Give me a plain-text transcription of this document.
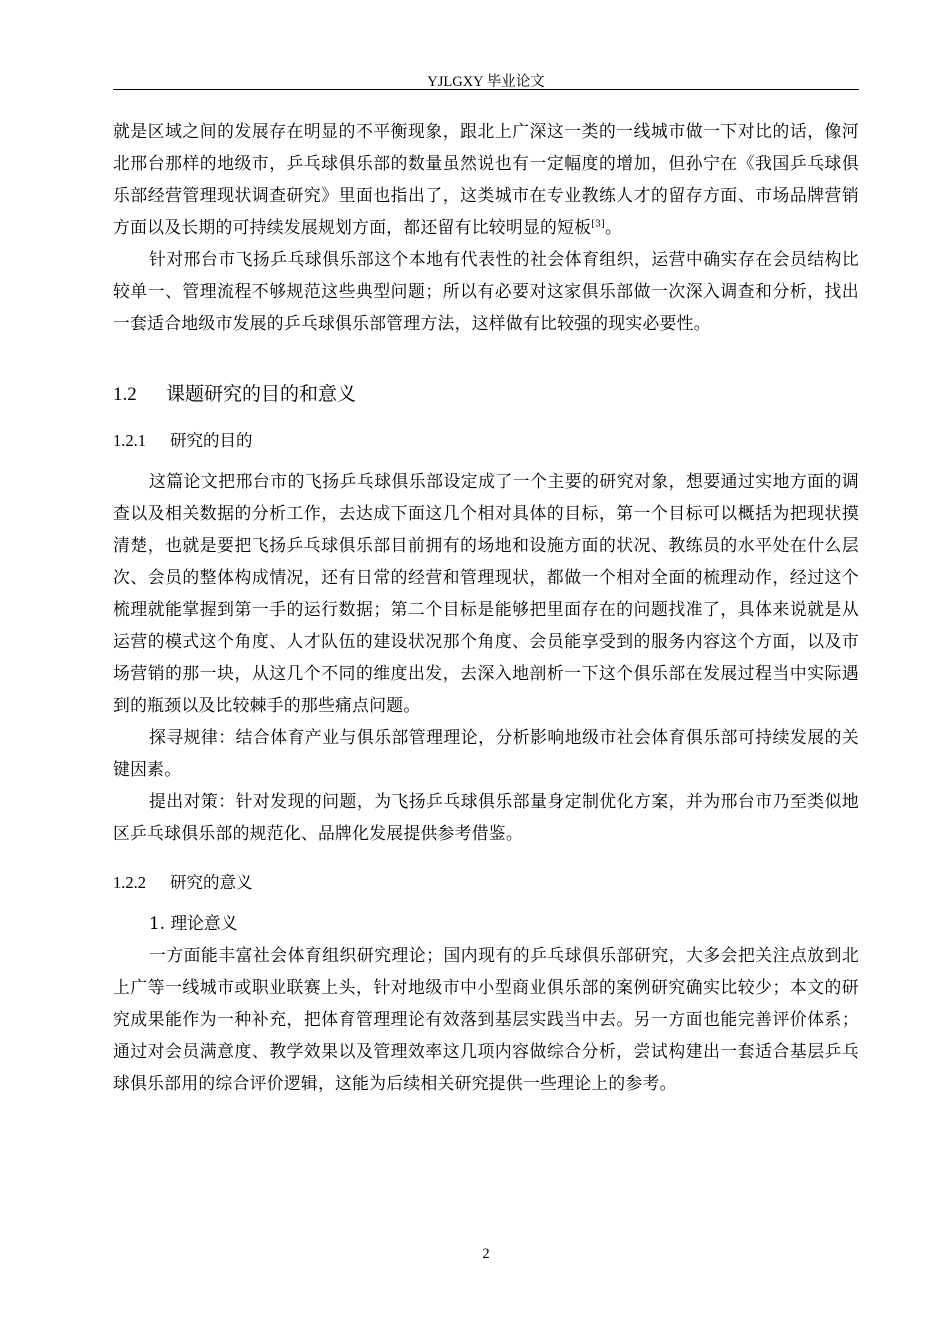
YJLGXY 毕业论文

就是区域之间的发展存在明显的不平衡现象，跟北上广深这一类的一线城市做一下对比的话，像河北邢台那样的地级市，乒乓球俱乐部的数量虽然说也有一定幅度的增加，但孙宁在《我国乒乓球俱乐部经营管理现状调查研究》里面也指出了，这类城市在专业教练人才的留存方面、市场品牌营销方面以及长期的可持续发展规划方面，都还留有比较明显的短板[3]。

针对邢台市飞扬乒乓球俱乐部这个本地有代表性的社会体育组织，运营中确实存在会员结构比较单一、管理流程不够规范这些典型问题；所以有必要对这家俱乐部做一次深入调查和分析，找出一套适合地级市发展的乒乓球俱乐部管理方法，这样做有比较强的现实必要性。

1.2 课题研究的目的和意义
1.2.1 研究的目的

这篇论文把邢台市的飞扬乒乓球俱乐部设定成了一个主要的研究对象，想要通过实地方面的调查以及相关数据的分析工作，去达成下面这几个相对具体的目标，第一个目标可以概括为把现状摸清楚，也就是要把飞扬乒乓球俱乐部目前拥有的场地和设施方面的状况、教练员的水平处在什么层次、会员的整体构成情况，还有日常的经营和管理现状，都做一个相对全面的梳理动作，经过这个梳理就能掌握到第一手的运行数据；第二个目标是能够把里面存在的问题找准了，具体来说就是从运营的模式这个角度、人才队伍的建设状况那个角度、会员能享受到的服务内容这个方面，以及市场营销的那一块，从这几个不同的维度出发，去深入地剖析一下这个俱乐部在发展过程当中实际遇到的瓶颈以及比较棘手的那些痛点问题。

探寻规律：结合体育产业与俱乐部管理理论，分析影响地级市社会体育俱乐部可持续发展的关键因素。

提出对策：针对发现的问题，为飞扬乒乓球俱乐部量身定制优化方案，并为邢台市乃至类似地区乒乓球俱乐部的规范化、品牌化发展提供参考借鉴。

1.2.2 研究的意义
1. 理论意义

一方面能丰富社会体育组织研究理论；国内现有的乒乓球俱乐部研究，大多会把关注点放到北上广等一线城市或职业联赛上头，针对地级市中小型商业俱乐部的案例研究确实比较少；本文的研究成果能作为一种补充，把体育管理理论有效落到基层实践当中去。另一方面也能完善评价体系；通过对会员满意度、教学效果以及管理效率这几项内容做综合分析，尝试构建出一套适合基层乒乓球俱乐部用的综合评价逻辑，这能为后续相关研究提供一些理论上的参考。

2
